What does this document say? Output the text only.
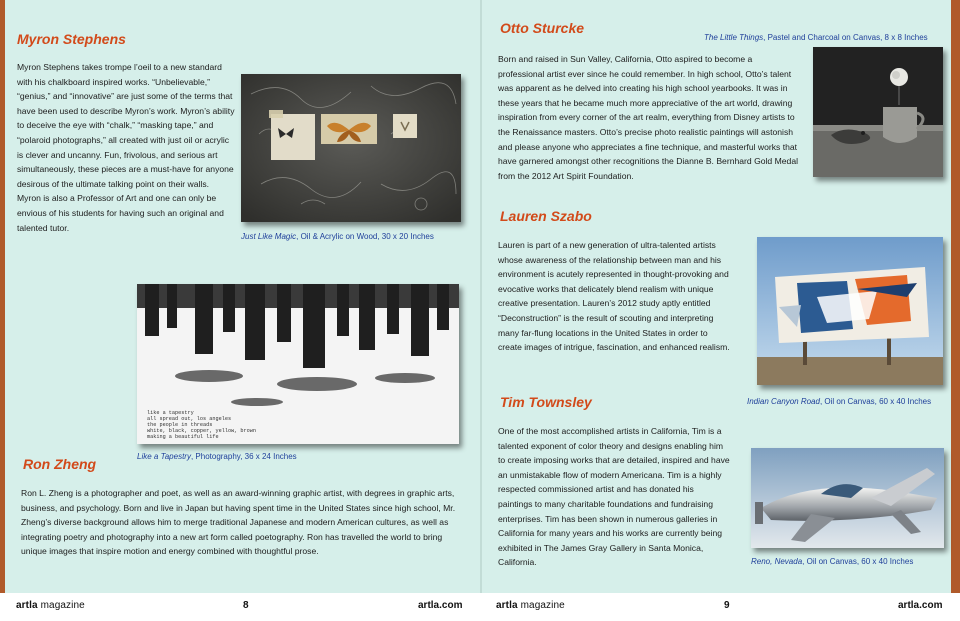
Myron Stephens
Myron Stephens takes trompe l’oeil to a new standard with his chalkboard inspired works. “Unbelievable,” “genius,” and “innovative” are just some of the terms that have been used to describe Myron’s work. Myron’s ability to deceive the eye with “chalk,” “masking tape,” and “polaroid photographs,” all created with just oil or acrylic is clever and uncanny. Fun, frivolous, and serious art simultaneously, these pieces are a must-have for anyone desirous of the ultimate talking point on their walls. Myron is also a Professor of Art and one can only be envious of his students for having such an original and talented tutor.
Just Like Magic, Oil & Acrylic on Wood, 30 x 20 Inches
like a tapestry
all spread out, los angeles
the people in threads
white, black, copper, yellow, brown
making a beautiful life
Like a Tapestry, Photography, 36 x 24 Inches
Ron Zheng
Ron L. Zheng is a photographer and poet, as well as an award-winning graphic artist, with degrees in graphic arts, business, and psychology. Born and live in Japan but having spent time in the United States since high school, Mr. Zheng’s diverse background allows him to merge traditional Japanese and modern American cultures, as well as integrating poetry and photography into a new art form called poetography. Ron has travelled the world to bring unique images that inspire motion and energy combined with thoughtful prose.
Otto Sturcke
The Little Things, Pastel and Charcoal on Canvas, 8 x 8 Inches
Born and raised in Sun Valley, California, Otto aspired to become a professional artist ever since he could remember. In high school, Otto’s talent was apparent as he delved into creating his high school yearbooks. It was in these years that he became much more appreciative of the art world, drawing inspiration from every corner of the art realm, everything from Disney artists to the Renaissance masters. Otto’s precise photo realistic paintings will astonish and please anyone who appreciates a fine technique, and masterful works that have garnered amongst other recognitions the Dianne B. Bernhard Gold Medal from the 2012 Art Spirit Foundation.
Lauren Szabo
Lauren is part of a new generation of ultra-talented artists whose awareness of the relationship between man and his environment is acutely represented in thought-provoking and evocative works that delicately blend realism with unique creative presentation. Lauren’s 2012 study aptly entitled “Deconstruction” is the result of scouting and interpreting many far-flung locations in the United States in order to create images of intrigue, fascination, and enhanced realism.
Indian Canyon Road, Oil on Canvas, 60 x 40 Inches
Tim Townsley
One of the most accomplished artists in California, Tim is a talented exponent of color theory and designs enabling him to create imposing works that are detailed, inspired and have an unmistakable flow of modern Americana. Tim is a highly respected commissioned artist and has donated his paintings to many charitable foundations and fundraising enterprises. Tim has been shown in numerous galleries in California for many years and his works are currently being exhibited in The James Gray Gallery in Santa Monica, California.	Reno, Nevada, Oil on Canvas, 60 x 40 Inches
artla magazine	8	artla.com	artla magazine	9	artla.com
